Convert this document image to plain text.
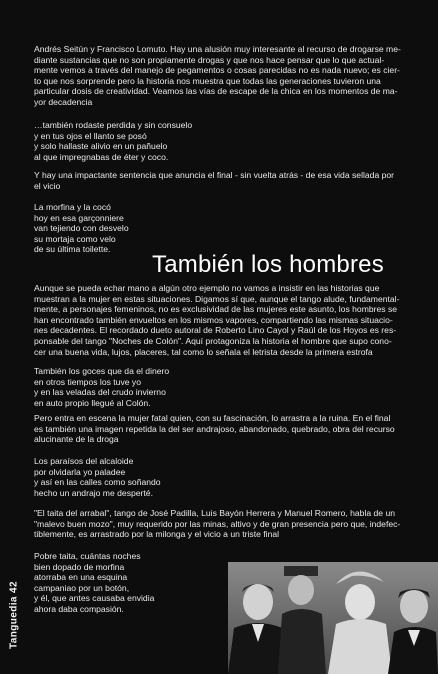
Andrés Seitún y Francisco Lomuto. Hay una alusión muy interesante al recurso de drogarse me-
diante sustancias que no son propiamente drogas y que nos hace pensar que lo que actual-
mente vemos a través del manejo de pegamentos o cosas parecidas no es nada nuevo; es cier-
to que nos sorprende pero la historia nos muestra que todas las generaciones tuvieron una
particular dosis de creatividad. Veamos las vías de escape de la chica en los momentos de ma-
yor decadencia

…también rodaste perdida y sin consuelo
y en tus ojos el llanto se posó
y solo hallaste alivio en un pañuelo
al que impregnabas de éter y coco.

Y hay una impactante sentencia que anuncia el final - sin vuelta atrás - de esa vida sellada por
el vicio

La morfina y la cocó
hoy en esa garçonniere
van tejiendo con desvelo
su mortaja como velo
de su última toilette.

También los hombres

Aunque se pueda echar mano a algún otro ejemplo no vamos a insistir en las historias que
muestran a la mujer en estas situaciones. Digamos sí que, aunque el tango alude, fundamental-
mente, a personajes femeninos, no es exclusividad de las mujeres este asunto, los hombres se
han encontrado también envueltos en los mismos vapores, compartiendo las mismas situacio-
nes decadentes. El recordado dueto autoral de Roberto Lino Cayol y Raúl de los Hoyos es res-
ponsable del tango "Noches de Colón". Aquí protagoniza la historia el hombre que supo cono-
cer una buena vida, lujos, placeres, tal como lo señala el letrista desde la primera estrofa

También los goces que da el dinero
en otros tiempos los tuve yo
y en las veladas del crudo invierno
en auto propio llegué al Colón.

Pero entra en escena la mujer fatal quien, con su fascinación, lo arrastra a la ruina. En el final
es también una imagen repetida la del ser andrajoso, abandonado, quebrado, obra del recurso
alucinante de la droga

Los paraísos del alcaloide
por olvidarla yo paladee
y así en las calles como soñando
hecho un andrajo me desperté.

"El taita del arrabal", tango de José Padilla, Luis Bayón Herrera y Manuel Romero, habla de un
"malevo buen mozo", muy requerido por las minas, altivo y de gran presencia pero que, indefec-
tiblemente, es arrastrado por la milonga y el vicio a un triste final

Pobre taita, cuántas noches
bien dopado de morfina
atorraba en una esquina
campaniao por un botón,
y él, que antes causaba envidia
ahora daba compasión.

Tanguedia 42
